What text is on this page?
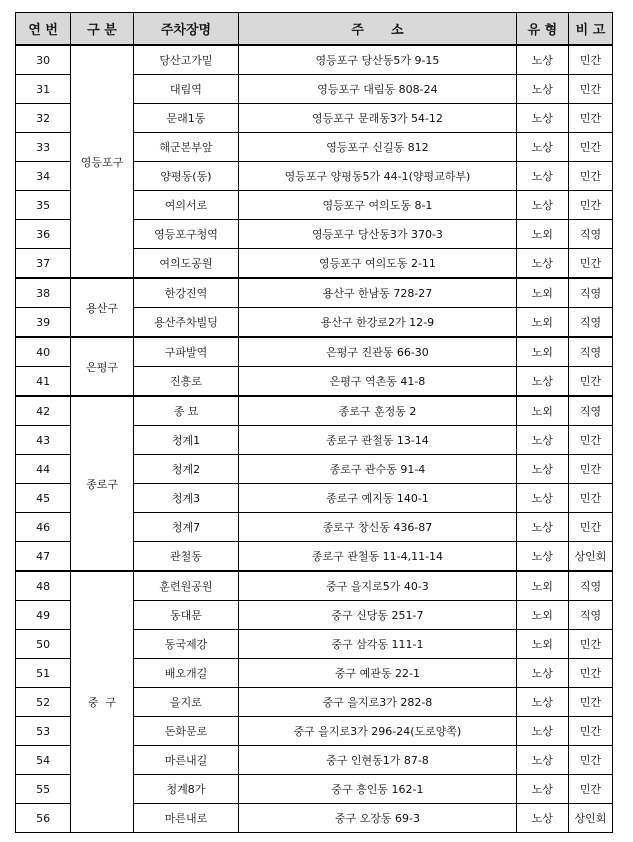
연 번	구 분	주차장명	주      소	유 형	비 고
30	영등포구	당산고가밑	영등포구 당산동5가 9-15	노상	민간
31		대림역	영등포구 대림동 808-24	노상	민간
32		문래1동	영등포구 문래동3가 54-12	노상	민간
33		해군본부앞	영등포구 신길동 812	노상	민간
34		양평동(동)	영등포구 양평동5가 44-1(양평교하부)	노상	민간
35		여의서로	영등포구 여의도동 8-1	노상	민간
36		영등포구청역	영등포구 당산동3가 370-3	노외	직영
37		여의도공원	영등포구 여의도동 2-11	노상	민간
38	용산구	한강진역	용산구 한남동 728-27	노외	직영
39		용산주차빌딩	용산구 한강로2가 12-9	노외	직영
40	은평구	구파발역	은평구 진관동 66-30	노외	직영
41		진흥로	은평구 역촌동 41-8	노상	민간
42	종로구	종 묘	종로구 훈정동 2	노외	직영
43		청계1	종로구 관철동 13-14	노상	민간
44		청계2	종로구 관수동 91-4	노상	민간
45		청계3	종로구 예지동 140-1	노상	민간
46		청계7	종로구 창신동 436-87	노상	민간
47		관철동	종로구 관철동 11-4,11-14	노상	상인회
48	중  구	훈련원공원	중구 을지로5가 40-3	노외	직영
49		동대문	중구 신당동 251-7	노외	직영
50		동국제강	중구 삼각동 111-1	노외	민간
51		배오개길	중구 예관동 22-1	노상	민간
52		을지로	중구 을지로3가 282-8	노상	민간
53		돈화문로	중구 을지로3가 296-24(도로양쪽)	노상	민간
54		마른내길	중구 인현동1가 87-8	노상	민간
55		청계8가	중구 흥인동 162-1	노상	민간
56		마른내로	중구 오장동 69-3	노상	상인회
